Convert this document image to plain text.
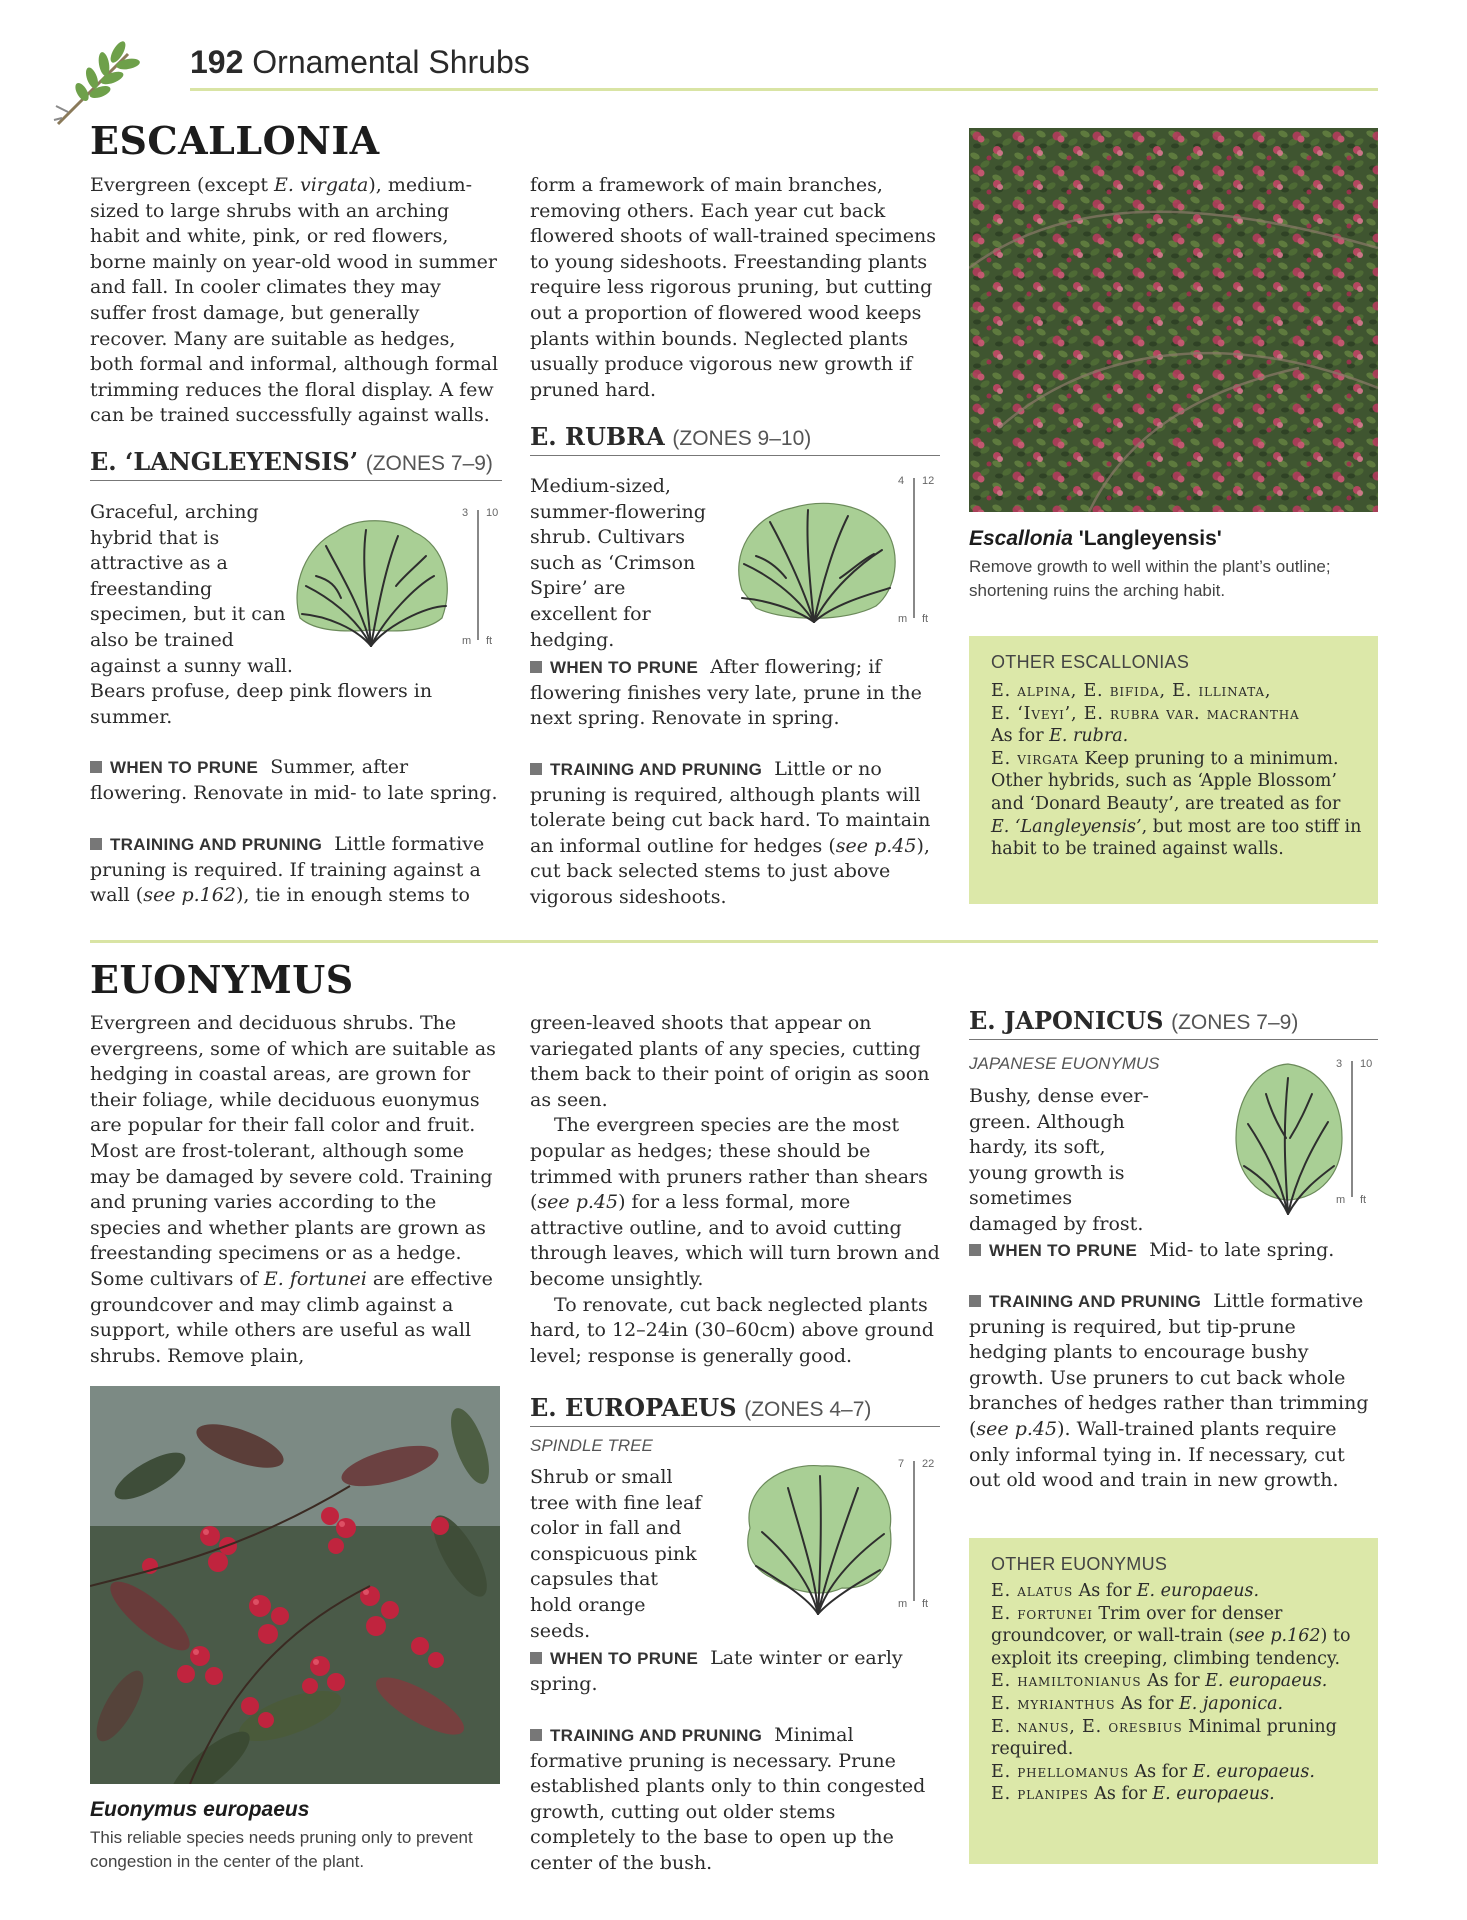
192 Ornamental Shrubs
ESCALLONIA

Evergreen (except E. virgata), medium-sized to large shrubs with an arching habit and white, pink, or red flowers, borne mainly on year-old wood in summer and fall. In cooler climates they may suffer frost damage, but generally recover. Many are suitable as hedges, both formal and informal, although formal trimming reduces the floral display. A few can be trained successfully against walls.

E. ‘LANGLEYENSIS’ (ZONES 7–9)

Graceful, arching hybrid that is attractive as a freestanding specimen, but it can also be trained against a sunny wall. Bears profuse, deep pink flowers in summer.

3 10
m ft
WHEN TO PRUNE Summer, after flowering. Renovate in mid- to late spring.
TRAINING AND PRUNING Little formative pruning is required. If training against a wall (see p.162), tie in enough stems to
form a framework of main branches, removing others. Each year cut back flowered shoots of wall-trained specimens to young sideshoots. Freestanding plants require less rigorous pruning, but cutting out a proportion of flowered wood keeps plants within bounds. Neglected plants usually produce vigorous new growth if pruned hard.
E. RUBRA (ZONES 9–10)

Medium-sized, summer-flowering shrub. Cultivars such as ‘Crimson Spire’ are excellent for hedging.

4 12
m ft
WHEN TO PRUNE After flowering; if flowering finishes very late, prune in the next spring. Renovate in spring.
TRAINING AND PRUNING Little or no pruning is required, although plants will tolerate being cut back hard. To maintain an informal outline for hedges (see p.45), cut back selected stems to just above vigorous sideshoots.
Escallonia 'Langleyensis'
Remove growth to well within the plant’s outline; shortening ruins the arching habit.
OTHER ESCALLONIAS
E. alpina, E. bifida, E. illinata,
E. ‘Iveyi’, E. rubra var. macrantha
As for E. rubra.
E. virgata Keep pruning to a minimum.
Other hybrids, such as ‘Apple Blossom’ and ‘Donard Beauty’, are treated as for E. ‘Langleyensis’, but most are too stiff in habit to be trained against walls.
EUONYMUS

Evergreen and deciduous shrubs. The evergreens, some of which are suitable as hedging in coastal areas, are grown for their foliage, while deciduous euonymus are popular for their fall color and fruit. Most are frost-tolerant, although some may be damaged by severe cold. Training and pruning varies according to the species and whether plants are grown as freestanding specimens or as a hedge. Some cultivars of E. fortunei are effective groundcover and may climb against a support, while others are useful as wall shrubs. Remove plain,

Euonymus europaeus
This reliable species needs pruning only to prevent congestion in the center of the plant.

green-leaved shoots that appear on variegated plants of any species, cutting them back to their point of origin as soon as seen.

The evergreen species are the most popular as hedges; these should be trimmed with pruners rather than shears (see p.45) for a less formal, more attractive outline, and to avoid cutting through leaves, which will turn brown and become unsightly.

To renovate, cut back neglected plants hard, to 12–24in (30–60cm) above ground level; response is generally good.

E. EUROPAEUS (ZONES 4–7)
SPINDLE TREE

Shrub or small tree with fine leaf color in fall and conspicuous pink capsules that hold orange seeds.

7 22
m ft
WHEN TO PRUNE Late winter or early spring.
TRAINING AND PRUNING Minimal formative pruning is necessary. Prune established plants only to thin congested growth, cutting out older stems completely to the base to open up the center of the bush.
E. JAPONICUS (ZONES 7–9)
JAPANESE EUONYMUS

Bushy, dense ever-green. Although hardy, its soft, young growth is sometimes damaged by frost.

3 10
m ft
WHEN TO PRUNE Mid- to late spring.
TRAINING AND PRUNING Little formative pruning is required, but tip-prune hedging plants to encourage bushy growth. Use pruners to cut back whole branches of hedges rather than trimming (see p.45). Wall-trained plants require only informal tying in. If necessary, cut out old wood and train in new growth.
OTHER EUONYMUS
E. alatus As for E. europaeus.
E. fortunei Trim over for denser groundcover, or wall-train (see p.162) to exploit its creeping, climbing tendency.
E. hamiltonianus As for E. europaeus.
E. myrianthus As for E. japonica.
E. nanus, E. oresbius Minimal pruning required.
E. phellomanus As for E. europaeus.
E. planipes As for E. europaeus.
